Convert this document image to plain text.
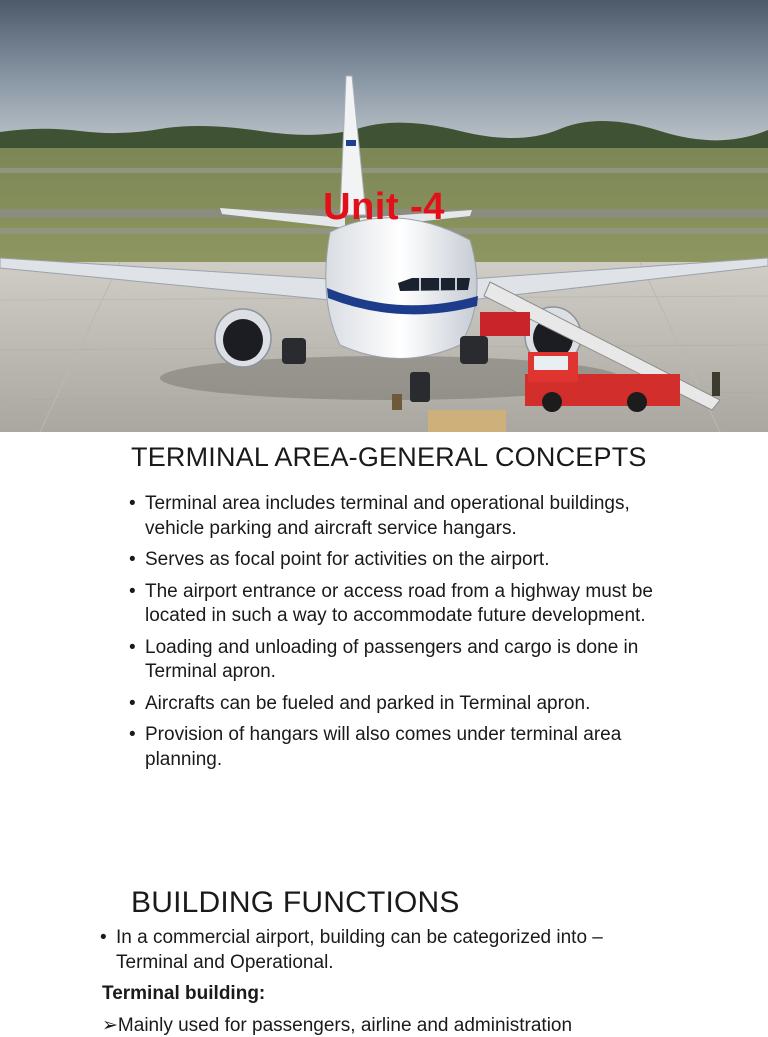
Unit -4
TERMINAL AREA-GENERAL CONCEPTS
• Terminal area includes terminal and operational buildings, vehicle parking and aircraft service hangars.
• Serves as focal point for activities on the airport.
• The airport entrance or access road from a highway must be located in such a way to accommodate future development.
• Loading and unloading of passengers and cargo is done in Terminal apron.
• Aircrafts can be fueled and parked in Terminal apron.
• Provision of hangars will also comes under terminal area planning.
BUILDING FUNCTIONS
• In a commercial airport, building can be categorized into – Terminal and Operational.
Terminal building:
➢Mainly used for passengers, airline and administration
